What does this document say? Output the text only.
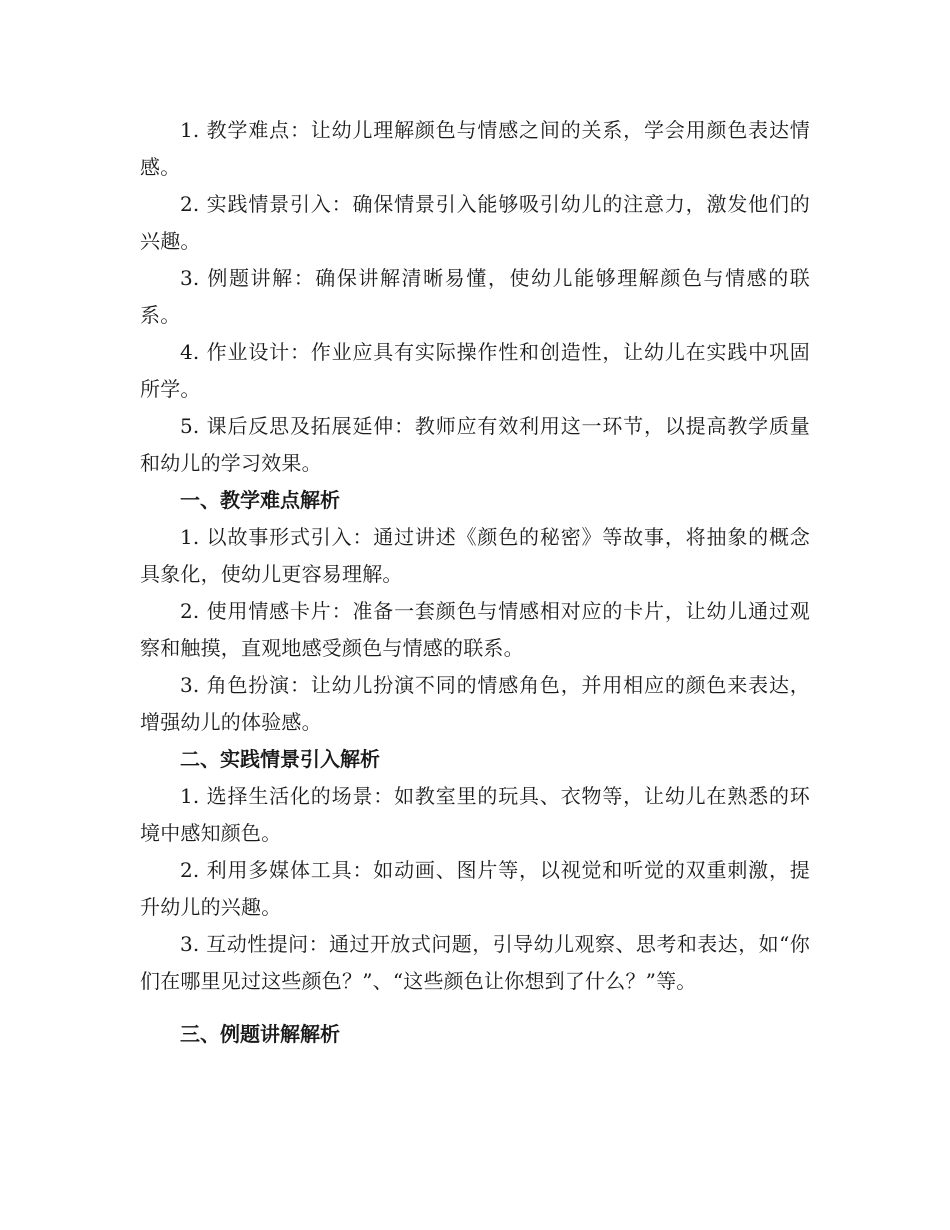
1. 教学难点：让幼儿理解颜色与情感之间的关系，学会用颜色表达情感。

2. 实践情景引入：确保情景引入能够吸引幼儿的注意力，激发他们的兴趣。

3. 例题讲解：确保讲解清晰易懂，使幼儿能够理解颜色与情感的联系。

4. 作业设计：作业应具有实际操作性和创造性，让幼儿在实践中巩固所学。

5. 课后反思及拓展延伸：教师应有效利用这一环节，以提高教学质量和幼儿的学习效果。

一、教学难点解析

1. 以故事形式引入：通过讲述《颜色的秘密》等故事，将抽象的概念具象化，使幼儿更容易理解。

2. 使用情感卡片：准备一套颜色与情感相对应的卡片，让幼儿通过观察和触摸，直观地感受颜色与情感的联系。

3. 角色扮演：让幼儿扮演不同的情感角色，并用相应的颜色来表达，增强幼儿的体验感。

二、实践情景引入解析

1. 选择生活化的场景：如教室里的玩具、衣物等，让幼儿在熟悉的环境中感知颜色。

2. 利用多媒体工具：如动画、图片等，以视觉和听觉的双重刺激，提升幼儿的兴趣。

3. 互动性提问：通过开放式问题，引导幼儿观察、思考和表达，如“你们在哪里见过这些颜色？”、“这些颜色让你想到了什么？”等。

三、例题讲解解析
